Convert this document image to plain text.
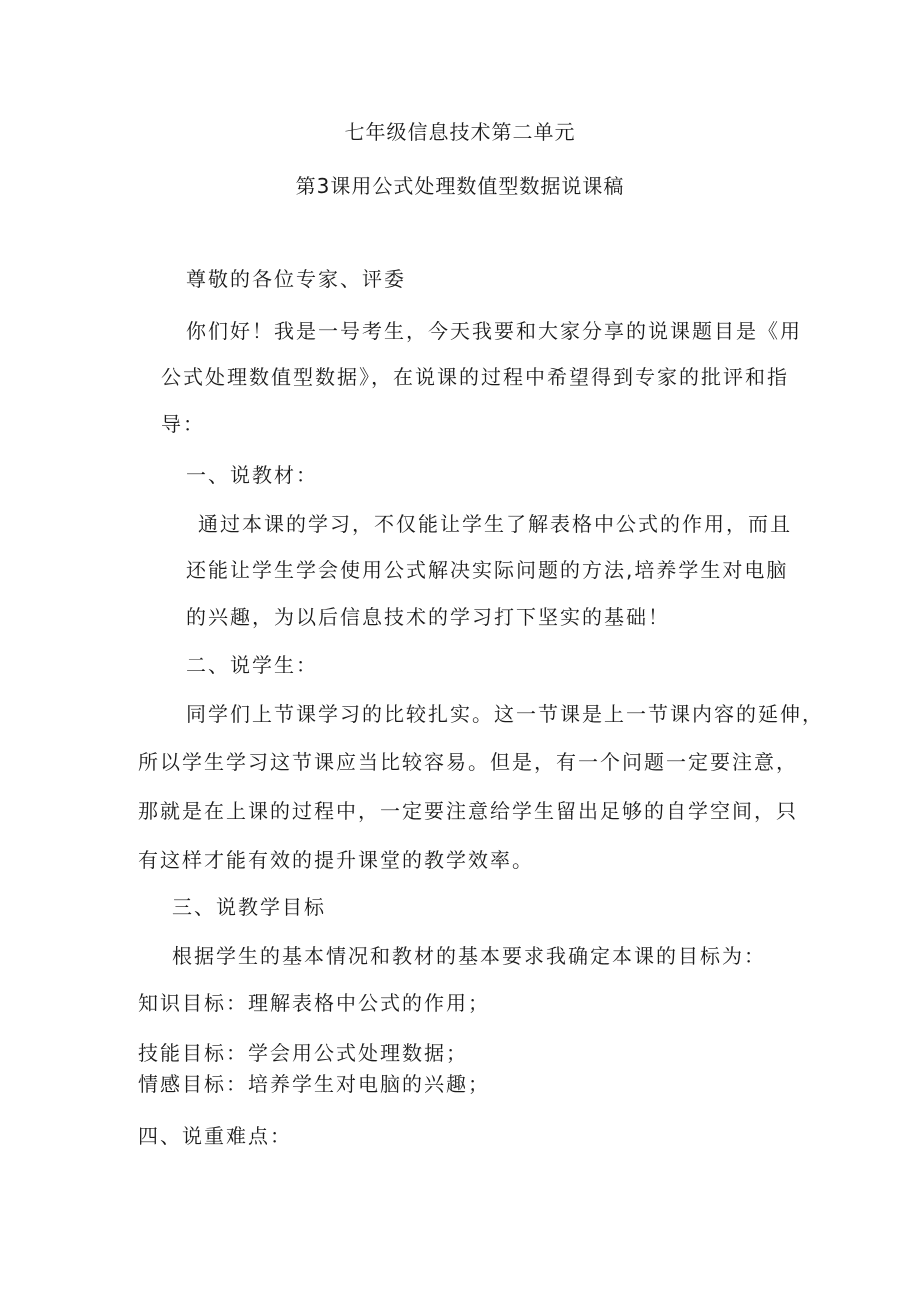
七年级信息技术第二单元
第3课用公式处理数值型数据说课稿
尊敬的各位专家、评委
你们好！我是一号考生，今天我要和大家分享的说课题目是《用
公式处理数值型数据》，在说课的过程中希望得到专家的批评和指
导：
一、说教材：
通过本课的学习，不仅能让学生了解表格中公式的作用，而且
还能让学生学会使用公式解决实际问题的方法,培养学生对电脑
的兴趣，为以后信息技术的学习打下坚实的基础！
二、说学生：
同学们上节课学习的比较扎实。这一节课是上一节课内容的延伸，
所以学生学习这节课应当比较容易。但是，有一个问题一定要注意，
那就是在上课的过程中，一定要注意给学生留出足够的自学空间，只
有这样才能有效的提升课堂的教学效率。
三、说教学目标
根据学生的基本情况和教材的基本要求我确定本课的目标为：
知识目标：理解表格中公式的作用；
技能目标：学会用公式处理数据；
情感目标：培养学生对电脑的兴趣；
四、说重难点：
